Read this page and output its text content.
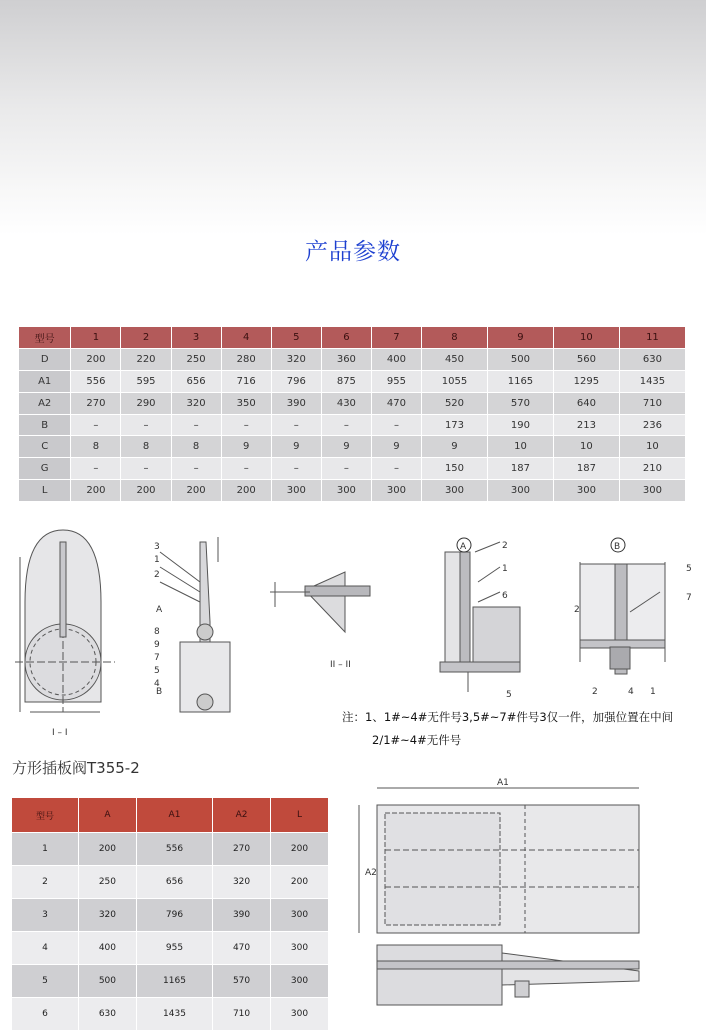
产品参数
型号	1	2	3	4	5	6	7	8	9	10	11
D	200	220	250	280	320	360	400	450	500	560	630
A1	556	595	656	716	796	875	955	1055	1165	1295	1435
A2	270	290	320	350	390	430	470	520	570	640	710
B	–	–	–	–	–	–	–	173	190	213	236
C	8	8	8	9	9	9	9	9	10	10	10
G	–	–	–	–	–	–	–	150	187	187	210
L	200	200	200	200	300	300	300	300	300	300	300
I – I
II – II
A	B
A
B
3
2
1
8
9
7
5
4
2
1
6
5
5
7
2	4 1
2
注：1、1#~4#无件号3,5#~7#件号3仅一件，加强位置在中间
2/1#~4#无件号
方形插板阀T355-2
型号	A	A1	A2	L
1	200	556	270	200
2	250	656	320	200
3	320	796	390	300
4	400	955	470	300
5	500	1165	570	300
6	630	1435	710	300
A1
A2
